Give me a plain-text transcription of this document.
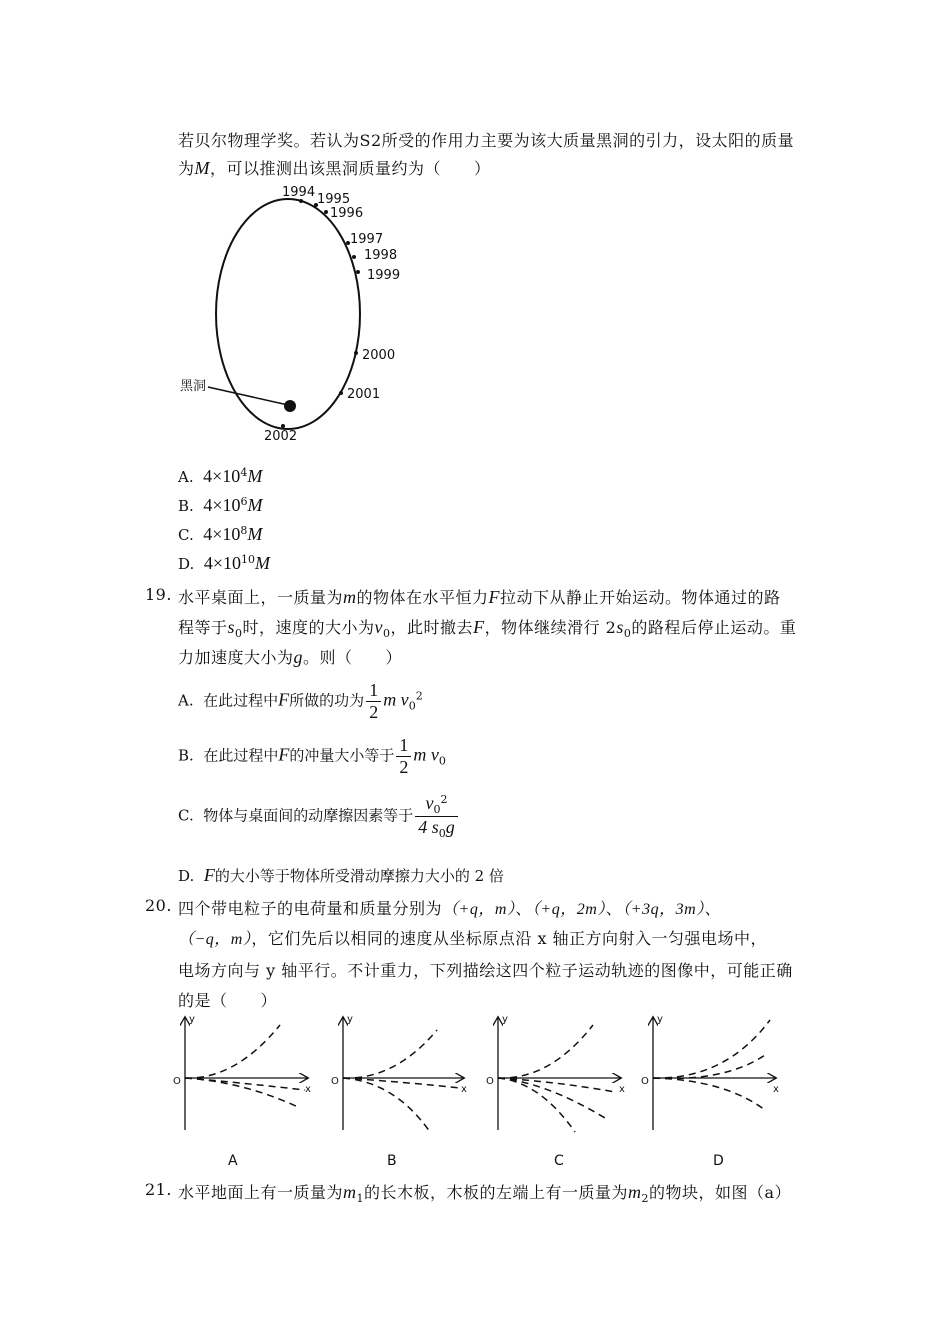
若贝尔物理学奖。若认为S2所受的作用力主要为该大质量黑洞的引力，设太阳的质量
为M，可以推测出该黑洞质量约为（　　）
1994 1995
1996
1997
1998
1999
2000
2001
2002
黑洞
A. $4\times 10^4M$
B. $4\times 10^6M$
C. $4\times 10^8M$
D. $4\times 10^{10}M$
19. 水平桌面上，一质量为m的物体在水平恒力F拉动下从静止开始运动。物体通过的路
程等于$s_0$时，速度的大小为$v_0$，此时撤去F，物体继续滑行 $2s_0$的路程后停止运动。重
力加速度大小为g。则（　　）
A. 在此过程中F所做的功为 $\frac{1}{2}$ m $v_0^2$
B. 在此过程中F的冲量大小等于 $\frac{1}{2}$ m $v_0$
C. 物体与桌面间的动摩擦因素等于 $\frac{v_0^2}{4 s_0g}$
D. F的大小等于物体所受滑动摩擦力大小的 2 倍
20. 四个带电粒子的电荷量和质量分别为（+q，m）、（+q，2m）、（+3q，3m）、
（−q，m），它们先后以相同的速度从坐标原点沿 x 轴正方向射入一匀强电场中，
电场方向与 y 轴平行。不计重力，下列描绘这四个粒子运动轨迹的图像中，可能正确
的是（　　）
y
x
O
y
x
O
y
x
O
y
x
O
A	B	C	D
21. 水平地面上有一质量为$m_1$的长木板，木板的左端上有一质量为$m_2$的物块，如图（a）
